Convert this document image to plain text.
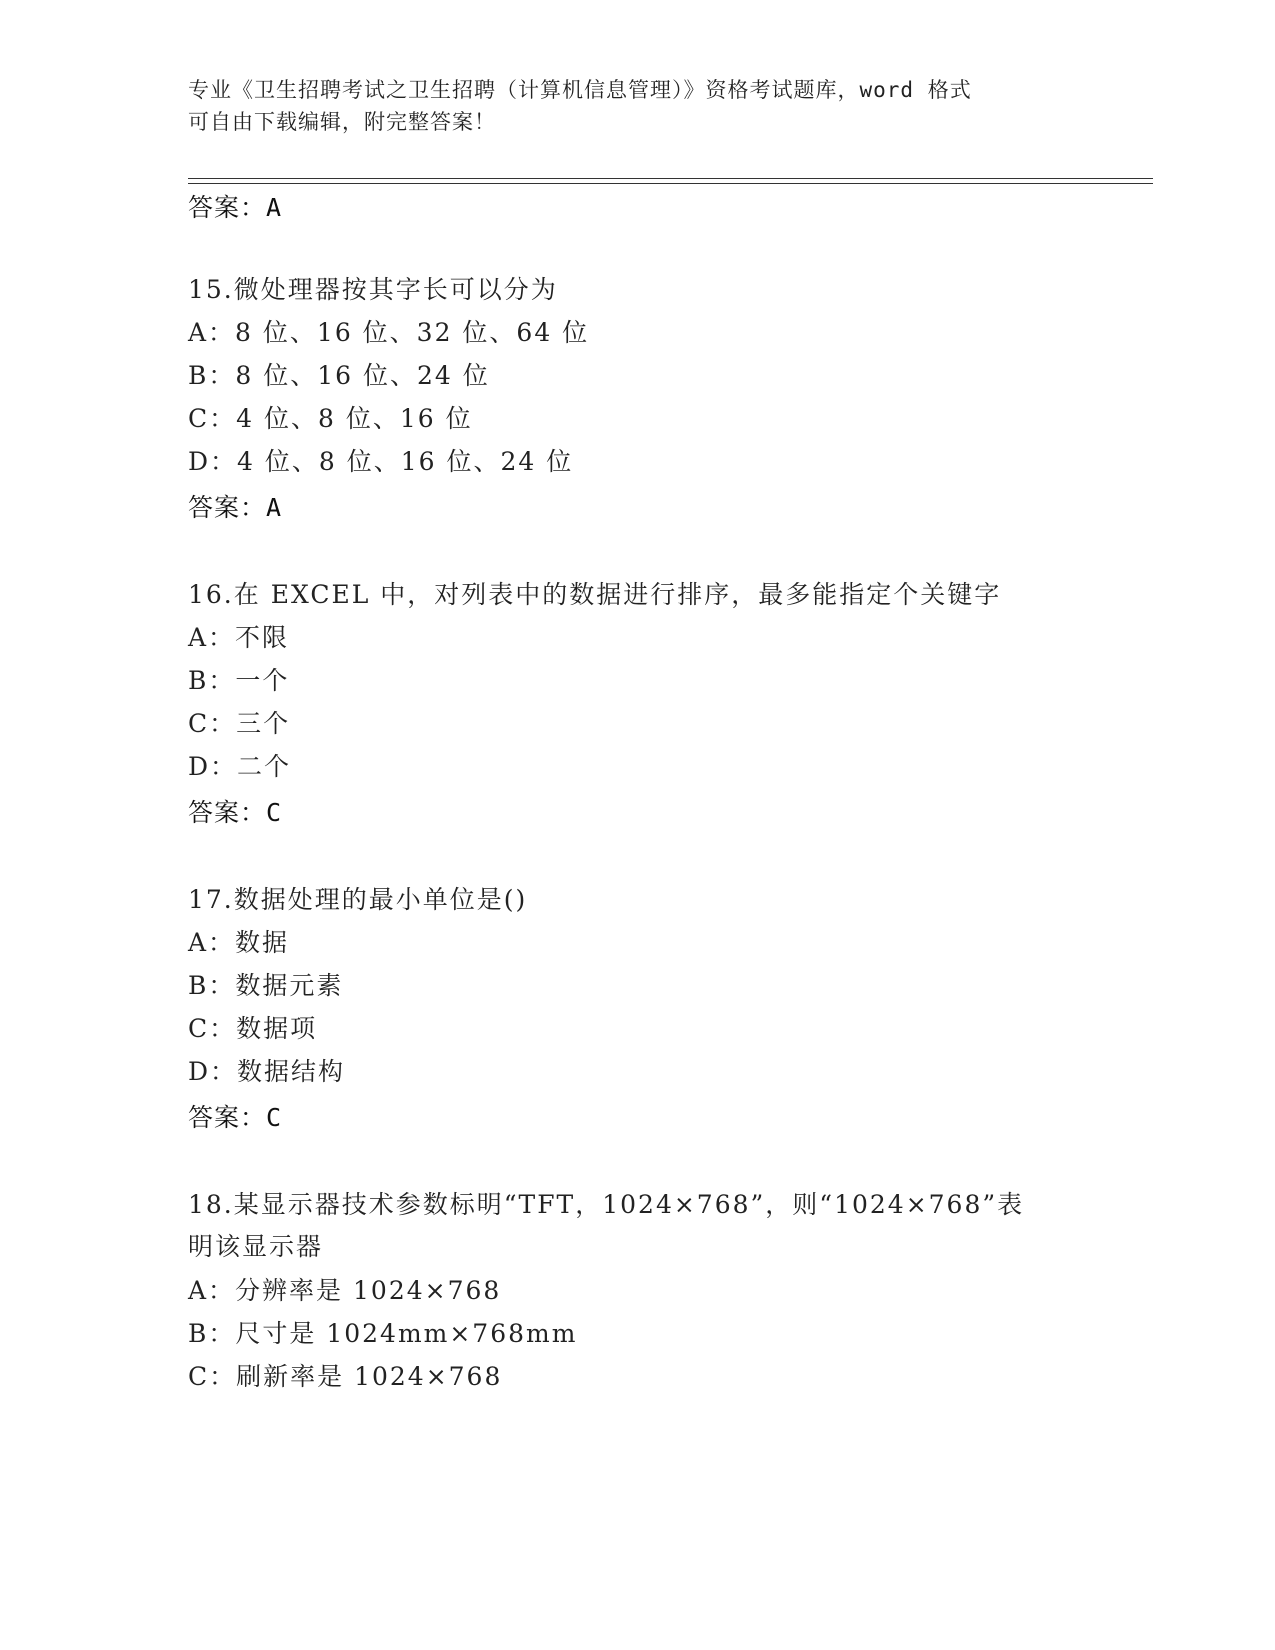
专业《卫生招聘考试之卫生招聘（计算机信息管理）》资格考试题库，word 格式
可自由下载编辑，附完整答案！
答案：A
15.微处理器按其字长可以分为
A：8 位、16 位、32 位、64 位
B：8 位、16 位、24 位
C：4 位、8 位、16 位
D：4 位、8 位、16 位、24 位
答案：A
16.在 EXCEL 中，对列表中的数据进行排序，最多能指定个关键字
A：不限
B：一个
C：三个
D：二个
答案：C
17.数据处理的最小单位是()
A：数据
B：数据元素
C：数据项
D：数据结构
答案：C
18.某显示器技术参数标明“TFT，1024×768”，则“1024×768”表
明该显示器
A：分辨率是 1024×768
B：尺寸是 1024mm×768mm
C：刷新率是 1024×768
